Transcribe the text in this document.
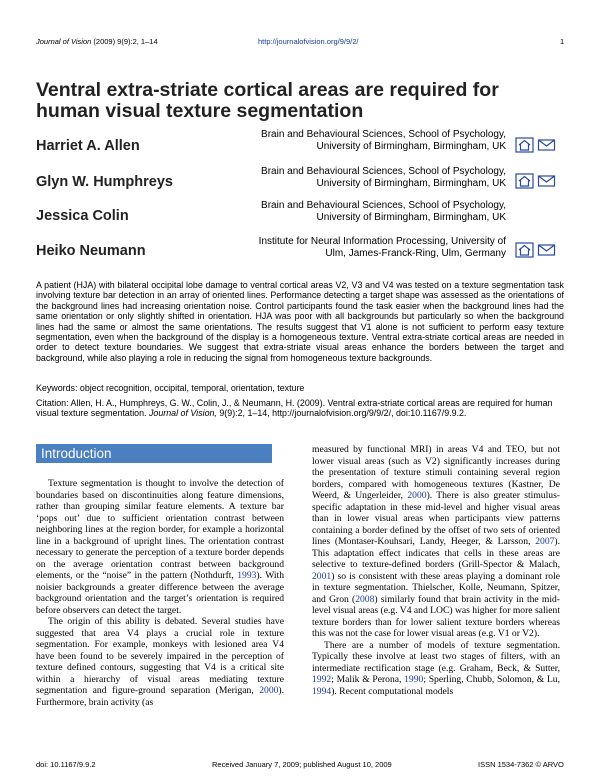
Journal of Vision (2009) 9(9):2, 1–14	http://journalofvision.org/9/9/2/	1
Ventral extra-striate cortical areas are required for human visual texture segmentation
Harriet A. Allen
Brain and Behavioural Sciences, School of Psychology,
University of Birmingham, Birmingham, UK
Glyn W. Humphreys
Brain and Behavioural Sciences, School of Psychology,
University of Birmingham, Birmingham, UK
Jessica Colin
Brain and Behavioural Sciences, School of Psychology,
University of Birmingham, Birmingham, UK
Heiko Neumann
Institute for Neural Information Processing, University of
Ulm, James-Franck-Ring, Ulm, Germany
A patient (HJA) with bilateral occipital lobe damage to ventral cortical areas V2, V3 and V4 was tested on a texture segmentation task involving texture bar detection in an array of oriented lines. Performance detecting a target shape was assessed as the orientations of the background lines had increasing orientation noise. Control participants found the task easier when the background lines had the same orientation or only slightly shifted in orientation. HJA was poor with all backgrounds but particularly so when the background lines had the same or almost the same orientations. The results suggest that V1 alone is not sufficient to perform easy texture segmentation, even when the background of the display is a homogeneous texture. Ventral extra-striate cortical areas are needed in order to detect texture boundaries. We suggest that extra-striate visual areas enhance the borders between the target and background, while also playing a role in reducing the signal from homogeneous texture backgrounds.
Keywords: object recognition, occipital, temporal, orientation, texture
Citation: Allen, H. A., Humphreys, G. W., Colin, J., & Neumann, H. (2009). Ventral extra-striate cortical areas are required for human visual texture segmentation. Journal of Vision, 9(9):2, 1–14, http://journalofvision.org/9/9/2/, doi:10.1167/9.9.2.
Introduction

Texture segmentation is thought to involve the detection of boundaries based on discontinuities along feature dimensions, rather than grouping similar feature elements. A texture bar ‘pops out’ due to sufficient orientation contrast between neighboring lines at the region border, for example a horizontal line in a background of upright lines. The orientation contrast necessary to generate the perception of a texture border depends on the average orientation contrast between background elements, or the “noise” in the pattern (Nothdurft, 1993). With noisier backgrounds a greater difference between the average background orientation and the target’s orientation is required before observers can detect the target.

The origin of this ability is debated. Several studies have suggested that area V4 plays a crucial role in texture segmentation. For example, monkeys with lesioned area V4 have been found to be severely impaired in the perception of texture defined contours, suggesting that V4 is a critical site within a hierarchy of visual areas mediating texture segmentation and figure-ground separation (Merigan, 2000). Furthermore, brain activity (as

measured by functional MRI) in areas V4 and TEO, but not lower visual areas (such as V2) significantly increases during the presentation of texture stimuli containing several region borders, compared with homogeneous textures (Kastner, De Weerd, & Ungerleider, 2000). There is also greater stimulus-specific adaptation in these mid-level and higher visual areas than in lower visual areas when participants view patterns containing a border defined by the offset of two sets of oriented lines (Montaser-Kouhsari, Landy, Heeger, & Larsson, 2007). This adaptation effect indicates that cells in these areas are selective to texture-defined borders (Grill-Spector & Malach, 2001) so is consistent with these areas playing a dominant role in texture segmentation. Thielscher, Kolle, Neumann, Spitzer, and Gron (2008) similarly found that brain activity in the mid-level visual areas (e.g. V4 and LOC) was higher for more salient texture borders than for lower salient texture borders whereas this was not the case for lower visual areas (e.g. V1 or V2).

There are a number of models of texture segmentation. Typically these involve at least two stages of filters, with an intermediate rectification stage (e.g. Graham, Beck, & Sutter, 1992; Malik & Perona, 1990; Sperling, Chubb, Solomon, & Lu, 1994). Recent computational models

doi: 10.1167/9.9.2	Received January 7, 2009; published August 10, 2009	ISSN 1534-7362 © ARVO
